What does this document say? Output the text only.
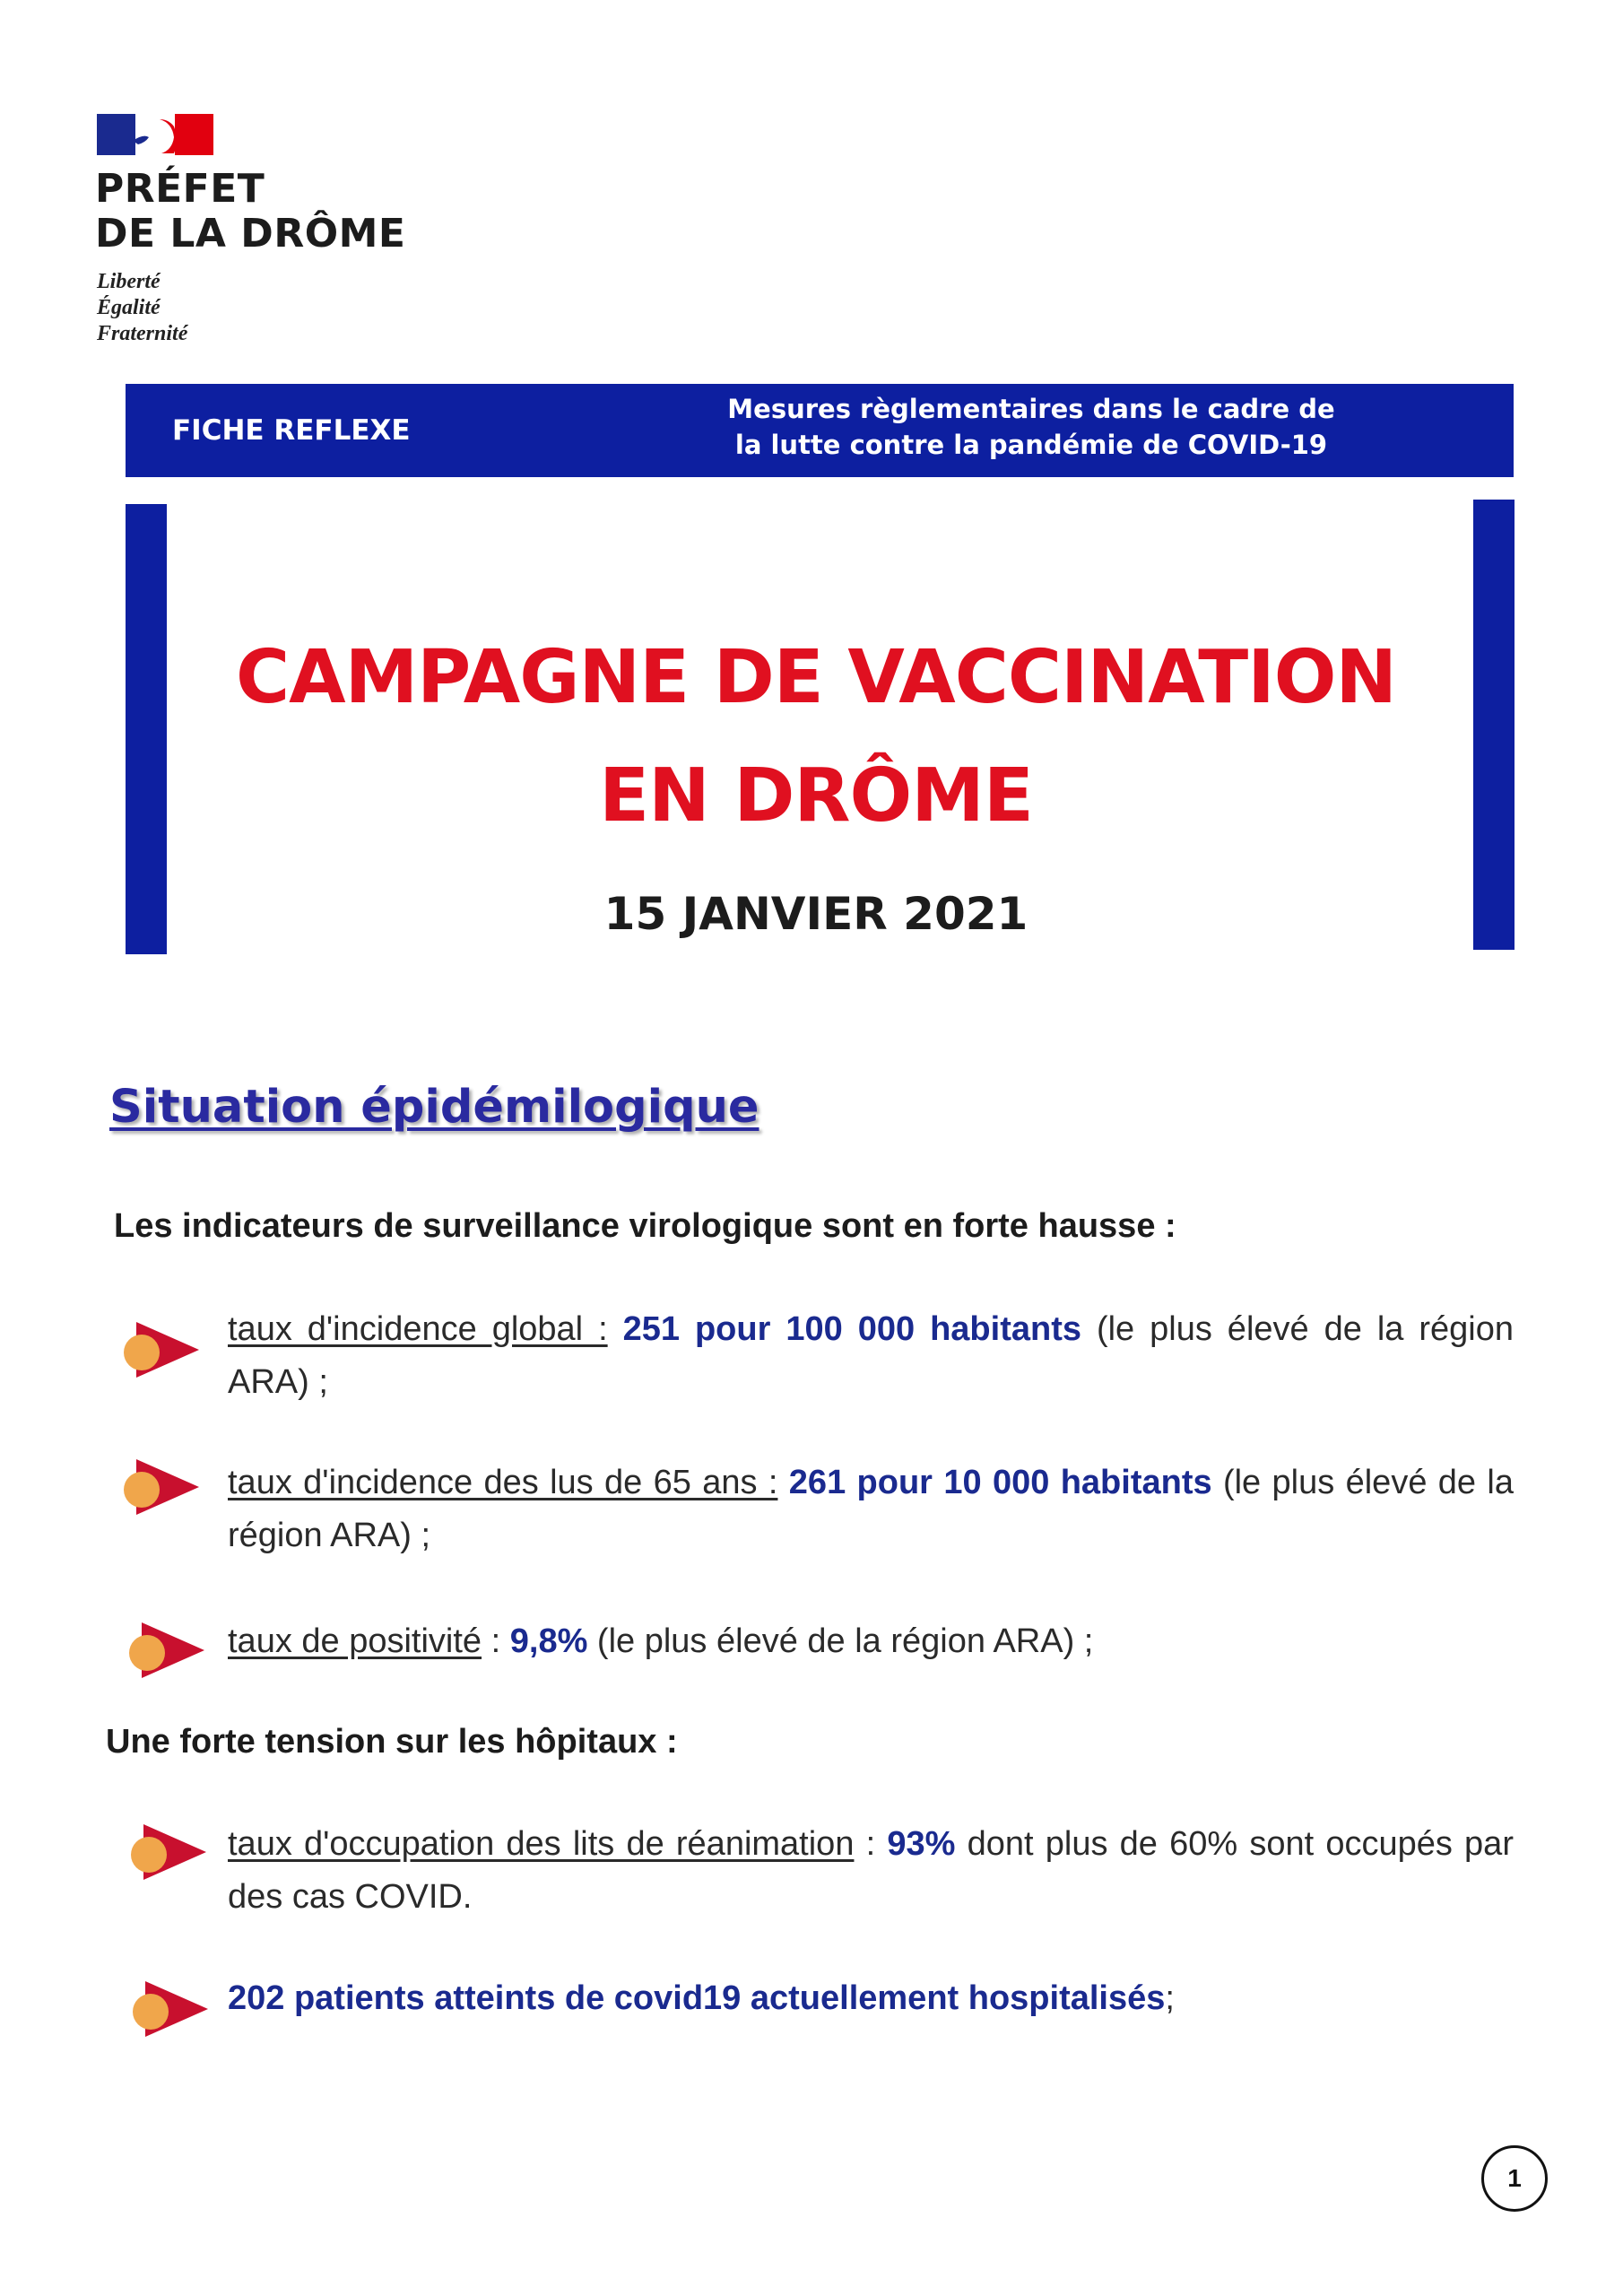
PRÉFET
DE LA DRÔME
Liberté
Égalité
Fraternité
FICHE REFLEXE
Mesures règlementaires dans le cadre de
la lutte contre la pandémie de COVID-19
CAMPAGNE DE VACCINATION
EN DRÔME
15 JANVIER 2021
Situation épidémilogique
Les indicateurs de surveillance virologique sont en forte hausse :
taux d'incidence global : 251 pour 100 000 habitants (le plus élevé de la région ARA) ;
taux d'incidence des lus de 65 ans : 261 pour 10 000 habitants (le plus élevé de la région ARA) ;
taux de positivité : 9,8% (le plus élevé de la région ARA) ;
Une forte tension sur les hôpitaux :
taux d'occupation des lits de réanimation : 93% dont plus de 60% sont occupés par des cas COVID.
202 patients atteints de covid19 actuellement hospitalisés;
1
